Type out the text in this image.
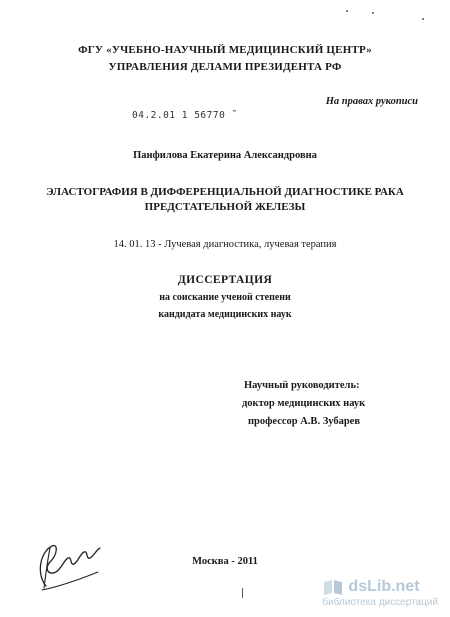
ФГУ «УЧЕБНО-НАУЧНЫЙ МЕДИЦИНСКИЙ ЦЕНТР»
УПРАВЛЕНИЯ ДЕЛАМИ ПРЕЗИДЕНТА РФ
На правах рукописи
04.2.01 1 56770 ˜
Панфилова Екатерина Александровна
ЭЛАСТОГРАФИЯ В ДИФФЕРЕНЦИАЛЬНОЙ ДИАГНОСТИКЕ РАКА
ПРЕДСТАТЕЛЬНОЙ ЖЕЛЕЗЫ
14. 01. 13 - Лучевая диагностика, лучевая терапия
ДИССЕРТАЦИЯ
на соискание ученой степени
кандидата медицинских наук
Научный руководитель:
доктор медицинских наук
профессор А.В. Зубарев
Москва - 2011
dsLib.net
библиотека диссертаций
